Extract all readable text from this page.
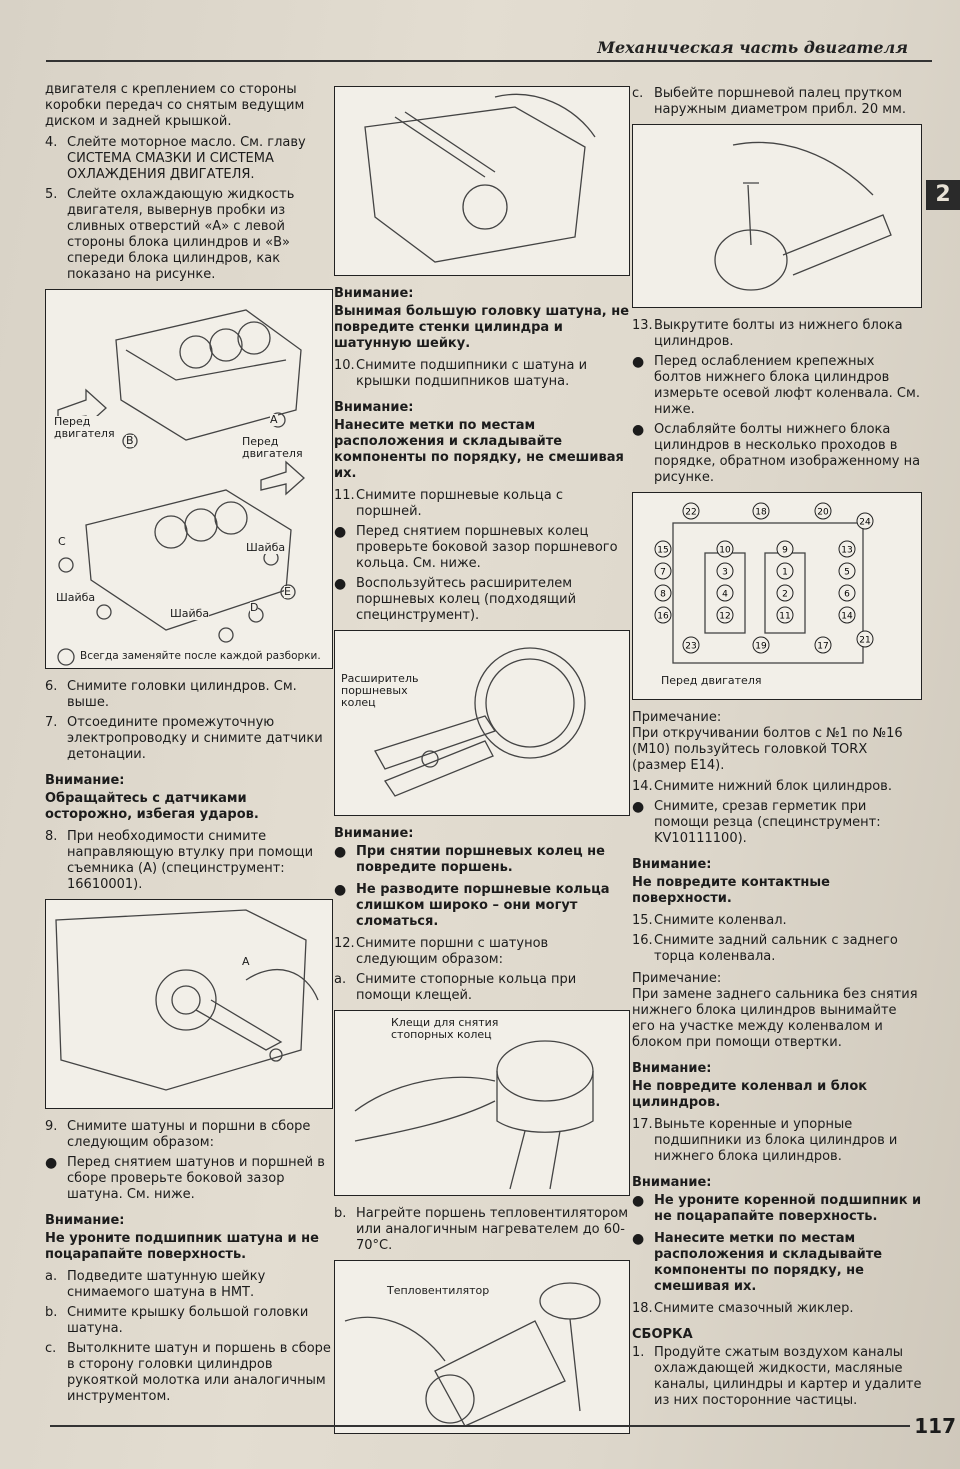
Механическая часть двигателя
2

двигателя с креплением со стороны коробки передач со снятым ведущим диском и задней крышкой.

4. Слейте моторное масло. См. главу СИСТЕМА СМАЗКИ И СИСТЕМА ОХЛАЖДЕНИЯ ДВИГАТЕЛЯ.
5. Слейте охлаждающую жидкость двигателя, вывернув пробки из сливных отверстий «А» с левой стороны блока цилиндров и «В» спереди блока цилиндров, как показано на рисунке.
A
B
C
D
E
Перед двигателя
Перед двигателя
Шайба
Шайба
Шайба
Всегда заменяйте после каждой разборки.
6. Снимите головки цилиндров. См. выше.
7. Отсоедините промежуточную электропроводку и снимите датчики детонации.
Внимание:
Обращайтесь с датчиками осторожно, избегая ударов.
8. При необходимости снимите направляющую втулку при помощи съемника (A) (специнструмент: 16610001).
A
9. Снимите шатуны и поршни в сборе следующим образом:
● Перед снятием шатунов и поршней в сборе проверьте боковой зазор шатуна. См. ниже.
Внимание:
Не уроните подшипник шатуна и не поцарапайте поверхность.
a. Подведите шатунную шейку снимаемого шатуна в НМТ.
b. Снимите крышку большой головки шатуна.
c. Вытолкните шатун и поршень в сборе в сторону головки цилиндров рукояткой молотка или аналогичным инструментом.
Внимание:
Вынимая большую головку шатуна, не повредите стенки цилиндра и шатунную шейку.
10. Снимите подшипники с шатуна и крышки подшипников шатуна.
Внимание:
Нанесите метки по местам расположения и складывайте компоненты по порядку, не смешивая их.
11. Снимите поршневые кольца с поршней.
● Перед снятием поршневых колец проверьте боковой зазор поршневого кольца. См. ниже.
● Воспользуйтесь расширителем поршневых колец (подходящий специнструмент).
Расширитель поршневых колец
Внимание:
● При снятии поршневых колец не повредите поршень.
● Не разводите поршневые кольца слишком широко – они могут сломаться.
12. Снимите поршни с шатунов следующим образом:
a. Снимите стопорные кольца при помощи клещей.
Клещи для снятия стопорных колец
b. Нагрейте поршень тепловентилятором или аналогичным нагревателем до 60-70°C.
Тепловентилятор
c. Выбейте поршневой палец прутком наружным диаметром прибл. 20 мм.
13. Выкрутите болты из нижнего блока цилиндров.
● Перед ослаблением крепежных болтов нижнего блока цилиндров измерьте осевой люфт коленвала. См. ниже.
● Ослабляйте болты нижнего блока цилиндров в несколько проходов в порядке, обратном изображенному на рисунке.
22	18	20
24
15	10	9	13
7	3	1	5
8	4	2	6
16	12	11	14
23	19	17
21
Перед двигателя

Примечание:

При откручивании болтов с №1 по №16 (M10) пользуйтесь головкой TORX (размер E14).

14. Снимите нижний блок цилиндров.
● Снимите, срезав герметик при помощи резца (специнструмент: KV10111100).
Внимание:
Не повредите контактные поверхности.
15. Снимите коленвал.
16. Снимите задний сальник с заднего торца коленвала.

Примечание:

При замене заднего сальника без снятия нижнего блока цилиндров вынимайте его на участке между коленвалом и блоком при помощи отвертки.

Внимание:
Не повредите коленвал и блок цилиндров.
17. Выньте коренные и упорные подшипники из блока цилиндров и нижнего блока цилиндров.
Внимание:
● Не уроните коренной подшипник и не поцарапайте поверхность.
● Нанесите метки по местам расположения и складывайте компоненты по порядку, не смешивая их.
18. Снимите смазочный жиклер.
СБОРКА
1. Продуйте сжатым воздухом каналы охлаждающей жидкости, масляные каналы, цилиндры и картер и удалите из них посторонние частицы.
117
